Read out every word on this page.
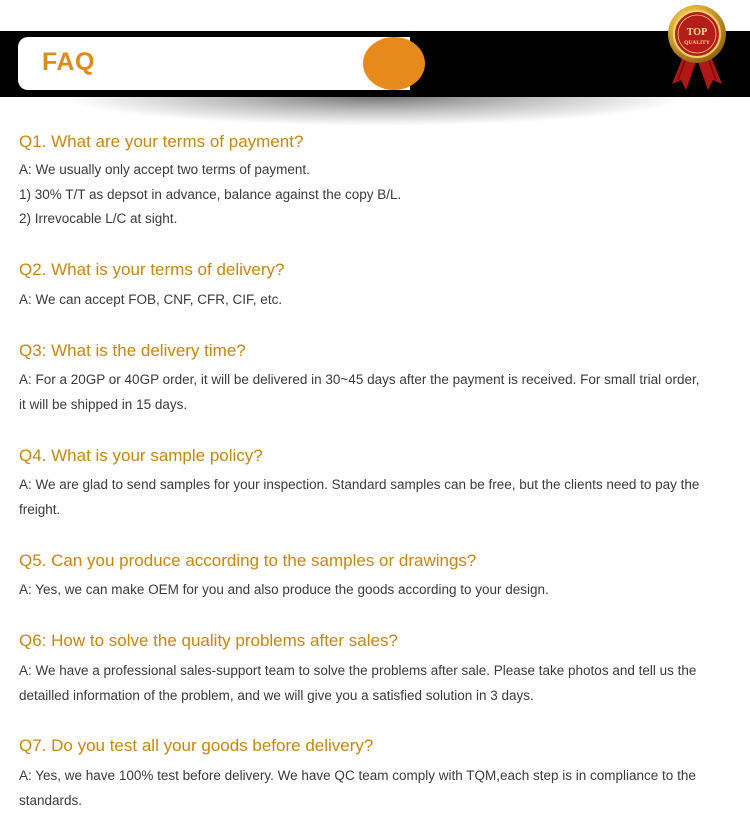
FAQ
TOP
QUALITY
Q1. What are your terms of payment?
A: We usually only accept two terms of payment.
1) 30% T/T as depsot in advance, balance against the copy B/L.
2) Irrevocable L/C at sight.
Q2. What is your terms of delivery?
A: We can accept FOB, CNF, CFR, CIF, etc.
Q3: What is the delivery time?
A: For a 20GP or 40GP order, it will be delivered in 30~45 days after the payment is received. For small trial order,
it will be shipped in 15 days.
Q4. What is your sample policy?
A: We are glad to send samples for your inspection. Standard samples can be free, but the clients need to pay the
freight.
Q5. Can you produce according to the samples or drawings?
A: Yes, we can make OEM for you and also produce the goods according to your design.
Q6: How to solve the quality problems after sales?
A: We have a professional sales-support team to solve the problems after sale. Please take photos and tell us the
detailled information of the problem, and we will give you a satisfied solution in 3 days.
Q7. Do you test all your goods before delivery?
A: Yes, we have 100% test before delivery. We have QC team comply with TQM,each step is in compliance to the
standards.
